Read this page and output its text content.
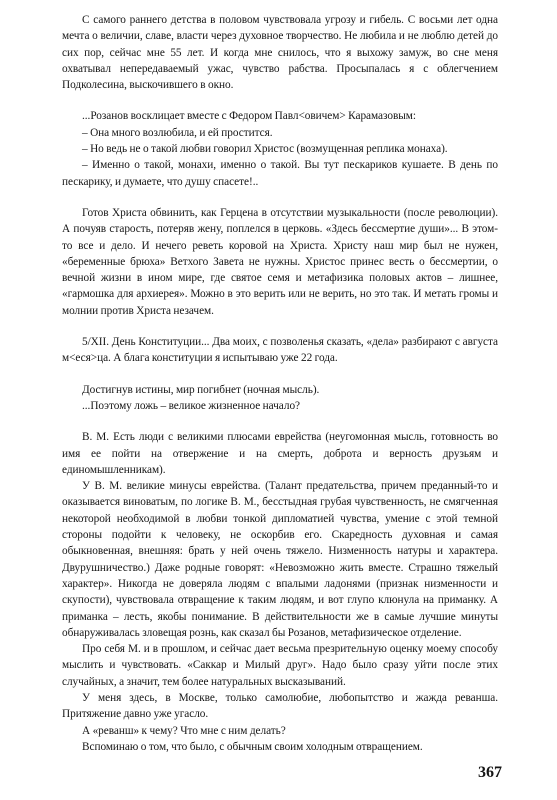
С самого раннего детства в половом чувствовала угрозу и гибель. С восьми лет одна мечта о величии, славе, власти через духовное творчество. Не любила и не люблю детей до сих пор, сейчас мне 55 лет. И когда мне снилось, что я выхожу замуж, во сне меня охватывал непередаваемый ужас, чувство рабства. Просыпалась я с облегчением Подколесина, выскочившего в окно.

...Розанов восклицает вместе с Федором Павл<овичем> Карамазовым:

– Она много возлюбила, и ей простится.

– Но ведь не о такой любви говорил Христос (возмущенная реплика монаха).

– Именно о такой, монахи, именно о такой. Вы тут пескариков кушаете. В день по пескарику, и думаете, что душу спасете!..

Готов Христа обвинить, как Герцена в отсутствии музыкальности (после революции). А почуяв старость, потеряв жену, поплелся в церковь. «Здесь бессмертие души»... В этом-то все и дело. И нечего реветь коровой на Христа. Христу наш мир был не нужен, «беременные брюха» Ветхого Завета не нужны. Христос принес весть о бессмертии, о вечной жизни в ином мире, где святое семя и метафизика половых актов – лишнее, «гармошка для архиерея». Можно в это верить или не верить, но это так. И метать громы и молнии против Христа незачем.

5/XII. День Конституции... Два моих, с позволенья сказать, «дела» разбирают с августа м<еся>ца. А блага конституции я испытываю уже 22 года.

Достигнув истины, мир погибнет (ночная мысль).

...Поэтому ложь – великое жизненное начало?

В. М. Есть люди с великими плюсами еврейства (неугомонная мысль, готовность во имя ее пойти на отвержение и на смерть, доброта и верность друзьям и единомышленникам).

У В. М. великие минусы еврейства. (Талант предательства, причем преданный-то и оказывается виноватым, по логике В. М., бесстыдная грубая чувственность, не смягченная некоторой необходимой в любви тонкой дипломатией чувства, умение с этой темной стороны подойти к человеку, не оскорбив его. Скаредность духовная и самая обыкновенная, внешняя: брать у ней очень тяжело. Низменность натуры и характера. Двурушничество.) Даже родные говорят: «Невозможно жить вместе. Страшно тяжелый характер». Никогда не доверяла людям с впалыми ладонями (признак низменности и скупости), чувствовала отвращение к таким людям, и вот глупо клюнула на приманку. А приманка – лесть, якобы понимание. В действительности же в самые лучшие минуты обнаруживалась зловещая рознь, как сказал бы Розанов, метафизическое отделение.

Про себя М. и в прошлом, и сейчас дает весьма презрительную оценку моему способу мыслить и чувствовать. «Саккар и Милый друг». Надо было сразу уйти после этих случайных, а значит, тем более натуральных высказываний.

У меня здесь, в Москве, только самолюбие, любопытство и жажда реванша. Притяжение давно уже угасло.

А «реванш» к чему? Что мне с ним делать?

Вспоминаю о том, что было, с обычным своим холодным отвращением.

367
